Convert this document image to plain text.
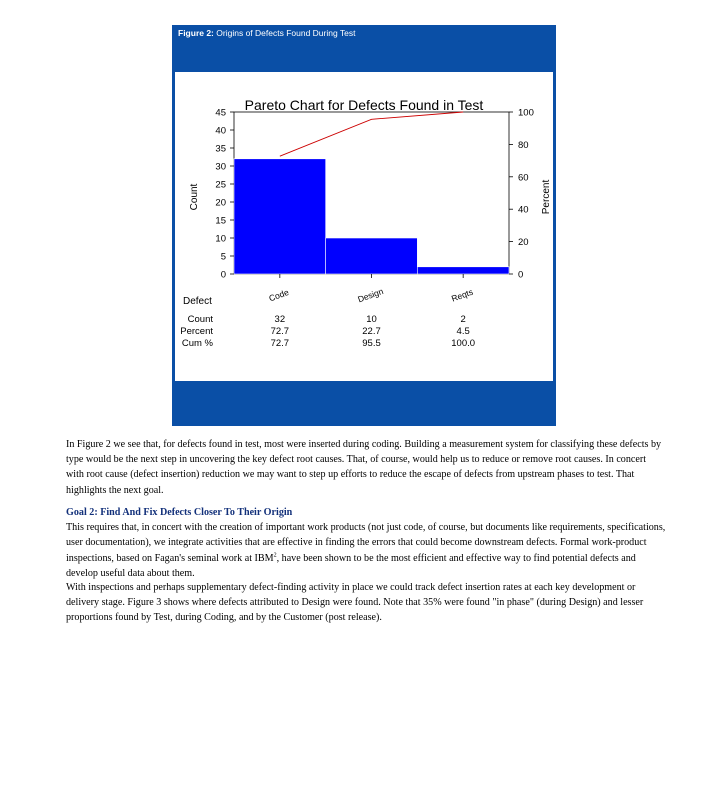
Figure 2: Origins of Defects Found During Test
Pareto Chart for Defects Found in Test
Count	Percent
0
5
10
15
20
25
30
35
40
45
0
20
40
60
80
100
Code	Design	Reqts
Defect
Count	32	10	2
Percent	72.7	22.7	4.5
Cum %	72.7	95.5	100.0

In Figure 2 we see that, for defects found in test, most were inserted during coding. Building a measurement system for classifying these defects by type would be the next step in uncovering the key defect root causes. That, of course, would help us to reduce or remove root causes. In concert with root cause (defect insertion) reduction we may want to step up efforts to reduce the escape of defects from upstream phases to test. That highlights the next goal.

Goal 2: Find And Fix Defects Closer To Their Origin

This requires that, in concert with the creation of important work products (not just code, of course, but documents like requirements, specifications, user documentation), we integrate activities that are effective in finding the errors that could become downstream defects. Formal work-product inspections, based on Fagan's seminal work at IBM$^2$, have been shown to be the most efficient and effective way to find potential defects and develop useful data about them.

With inspections and perhaps supplementary defect-finding activity in place we could track defect insertion rates at each key development or delivery stage. Figure 3 shows where defects attributed to Design were found. Note that 35% were found "in phase" (during Design) and lesser proportions found by Test, during Coding, and by the Customer (post release).
